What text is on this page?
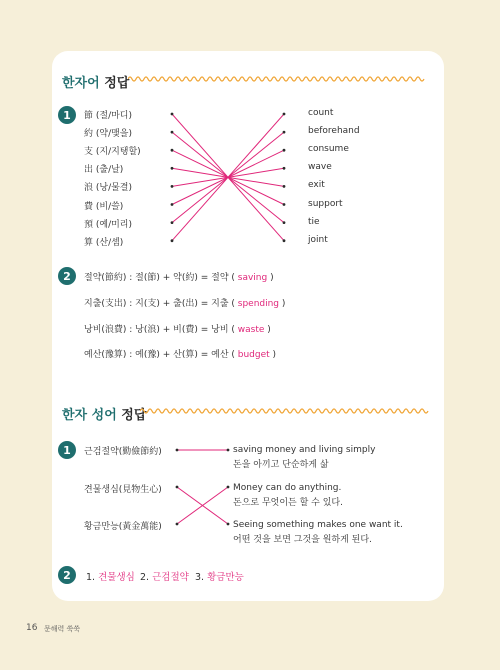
한자어 정답
1	節 (절/마디)
約 (약/맺을)
支 (지/지탱할)
出 (출/날)
浪 (낭/물결)
費 (비/쓸)
預 (예/미리)
算 (산/셈)
count
beforehand
consume
wave
exit
support
tie
joint
2	절약(節約) : 절(節) + 약(約) = 절약 ( saving )
지출(支出) : 지(支) + 출(出) = 지출 ( spending )
낭비(浪費) : 낭(浪) + 비(費) = 낭비 ( waste )
예산(豫算) : 예(豫) + 산(算) = 예산 ( budget )
한자 성어 정답
1	근검절약(勤儉節約)
견물생심(見物生心)
황금만능(黃金萬能)
saving money and living simply
돈을 아끼고 단순하게 삶
Money can do anything.
돈으로 무엇이든 할 수 있다.
Seeing something makes one want it.
어떤 것을 보면 그것을 원하게 된다.
2	1. 견물생심 2. 근검절약 3. 황금만능
16 문해력 쑥쑥
